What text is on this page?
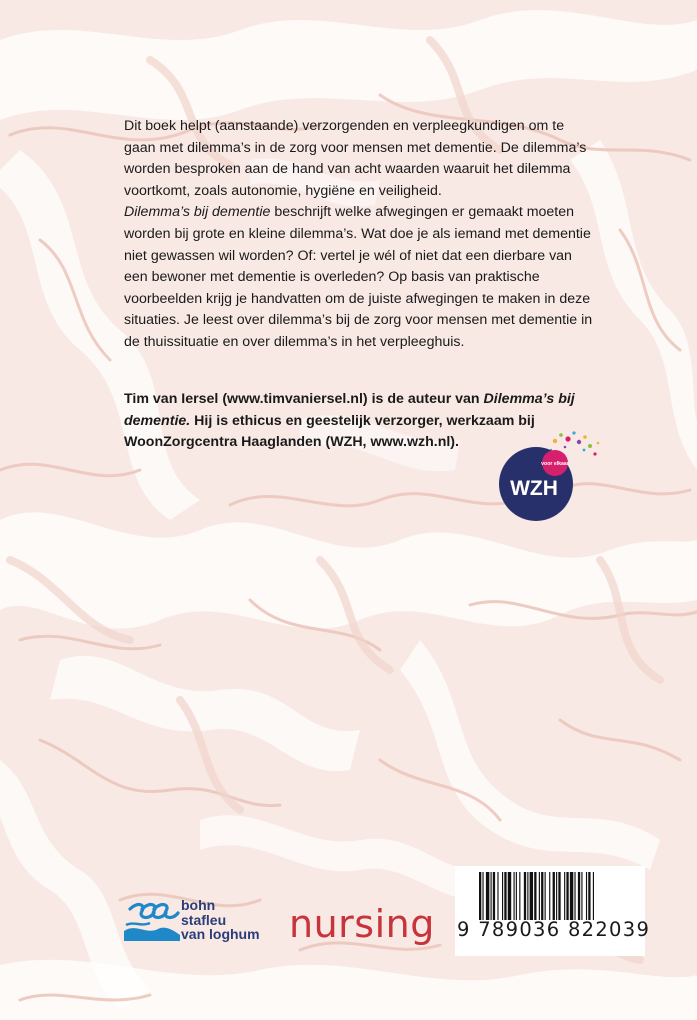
Dit boek helpt (aanstaande) verzorgenden en verpleegkundigen om te gaan met dilemma’s in de zorg voor mensen met dementie. De dilemma’s worden besproken aan de hand van acht waarden waaruit het dilemma voortkomt, zoals autonomie, hygiëne en veiligheid.

Dilemma’s bij dementie beschrijft welke afwegingen er gemaakt moeten worden bij grote en kleine dilemma’s. Wat doe je als iemand met dementie niet gewassen wil worden? Of: vertel je wél of niet dat een dierbare van een bewoner met dementie is overleden? Op basis van praktische voorbeelden krijg je handvatten om de juiste afwegingen te maken in deze situaties. Je leest over dilemma’s bij de zorg voor mensen met dementie in de thuissituatie en over dilemma’s in het verpleeghuis.

Tim van Iersel (www.timvaniersel.nl) is de auteur van Dilemma’s bij dementie. Hij is ethicus en geestelijk verzorger, werkzaam bij WoonZorgcentra Haaglanden (WZH, www.wzh.nl).
voor elkaar
WZH
bohn
stafleu
van loghum nursing 9 789036 822039
